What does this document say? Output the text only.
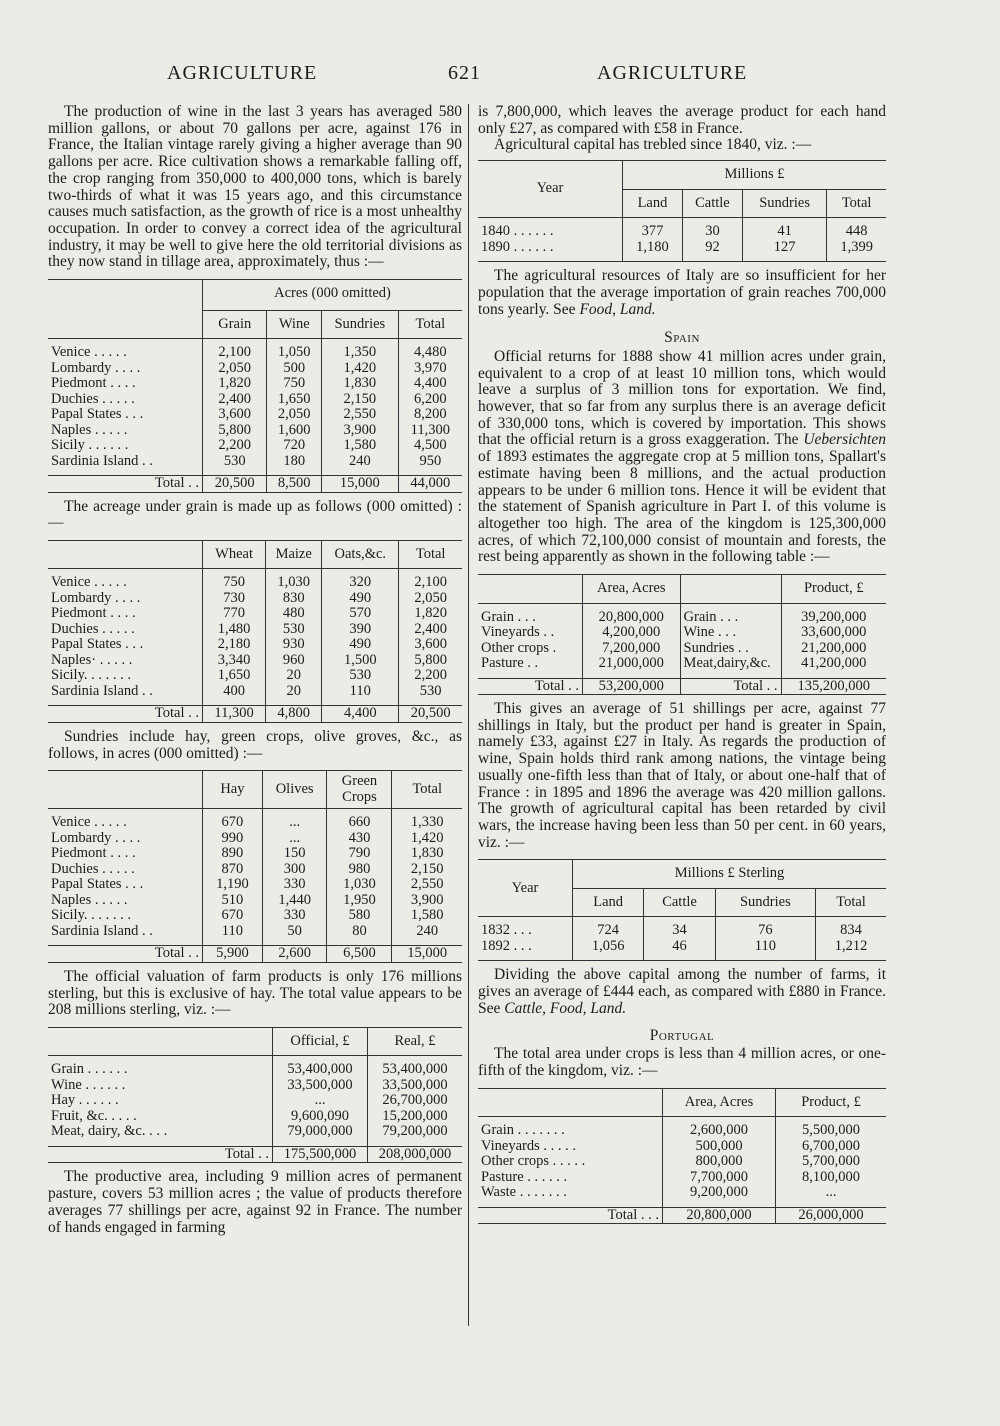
AGRICULTURE	621	AGRICULTURE

The production of wine in the last 3 years has averaged 580 million gallons, or about 70 gallons per acre, against 176 in France, the Italian vintage rarely giving a higher average than 90 gallons per acre. Rice cultivation shows a remarkable falling off, the crop ranging from 350,000 to 400,000 tons, which is barely two-thirds of what it was 15 years ago, and this circumstance causes much satisfaction, as the growth of rice is a most unhealthy occupation. In order to convey a correct idea of the agricultural industry, it may be well to give here the old territorial divisions as they now stand in tillage area, approximately, thus :—

	Acres (000 omitted)			
	Grain	Wine	Sundries	Total

Venice . . . . .	2,100	1,050	1,350	4,480
Lombardy . . . .	2,050	500	1,420	3,970
Piedmont . . . .	1,820	750	1,830	4,400
Duchies . . . . .	2,400	1,650	2,150	6,200
Papal States . . .	3,600	2,050	2,550	8,200
Naples . . . . .	5,800	1,600	3,900	11,300
Sicily . . . . . .	2,200	720	1,580	4,500
Sardinia Island . .	530	180	240	950

Total . .	20,500	8,500	15,000	44,000

The acreage under grain is made up as follows (000 omitted) :—

	Wheat	Maize	Oats,&c.	Total

Venice . . . . .	750	1,030	320	2,100
Lombardy . . . .	730	830	490	2,050
Piedmont . . . .	770	480	570	1,820
Duchies . . . . .	1,480	530	390	2,400
Papal States . . .	2,180	930	490	3,600
Naples· . . . . .	3,340	960	1,500	5,800
Sicily. . . . . . .	1,650	20	530	2,200
Sardinia Island . .	400	20	110	530

Total . .	11,300	4,800	4,400	20,500

Sundries include hay, green crops, olive groves, &c., as follows, in acres (000 omitted) :—

	Hay	Olives	Green Crops	Total

Venice . . . . .	670	...	660	1,330
Lombardy . . . .	990	...	430	1,420
Piedmont . . . .	890	150	790	1,830
Duchies . . . . .	870	300	980	2,150
Papal States . . .	1,190	330	1,030	2,550
Naples . . . . .	510	1,440	1,950	3,900
Sicily. . . . . . .	670	330	580	1,580
Sardinia Island . .	110	50	80	240

Total . .	5,900	2,600	6,500	15,000

The official valuation of farm products is only 176 millions sterling, but this is exclusive of hay. The total value appears to be 208 millions sterling, viz. :—

	Official, £	Real, £

Grain . . . . . .	53,400,000	53,400,000
Wine . . . . . .	33,500,000	33,500,000
Hay . . . . . .	...	26,700,000
Fruit, &c. . . . .	9,600,090	15,200,000
Meat, dairy, &c. . . .	79,000,000	79,200,000

Total . .	175,500,000	208,000,000

The productive area, including 9 million acres of permanent pasture, covers 53 million acres ; the value of products therefore averages 77 shillings per acre, against 92 in France. The number of hands engaged in farming

is 7,800,000, which leaves the average product for each hand only £27, as compared with £58 in France.

Agricultural capital has trebled since 1840, viz. :—

Year	Millions £			
	Land	Cattle	Sundries	Total

1840 . . . . . .	377	30	41	448
1890 . . . . . .	1,180	92	127	1,399

The agricultural resources of Italy are so insufficient for her population that the average importation of grain reaches 700,000 tons yearly. See Food, Land.

Spain

Official returns for 1888 show 41 million acres under grain, equivalent to a crop of at least 10 million tons, which would leave a surplus of 3 million tons for exportation. We find, however, that so far from any surplus there is an average deficit of 330,000 tons, which is covered by importation. This shows that the official return is a gross exaggeration. The Uebersichten of 1893 estimates the aggregate crop at 5 million tons, Spallart's estimate having been 8 millions, and the actual production appears to be under 6 million tons. Hence it will be evident that the statement of Spanish agriculture in Part I. of this volume is altogether too high. The area of the kingdom is 125,300,000 acres, of which 72,100,000 consist of mountain and forests, the rest being apparently as shown in the following table :—

	Area, Acres		Product, £

Grain . . .	20,800,000	Grain . . .	39,200,000
Vineyards . .	4,200,000	Wine . . .	33,600,000
Other crops .	7,200,000	Sundries . .	21,200,000
Pasture . .	21,000,000	Meat,dairy,&c.	41,200,000

Total . .	53,200,000	Total . .	135,200,000

This gives an average of 51 shillings per acre, against 77 shillings in Italy, but the product per hand is greater in Spain, namely £33, against £27 in Italy. As regards the production of wine, Spain holds third rank among nations, the vintage being usually one-fifth less than that of Italy, or about one-half that of France : in 1895 and 1896 the average was 420 million gallons. The growth of agricultural capital has been retarded by civil wars, the increase having been less than 50 per cent. in 60 years, viz. :—

Year	Millions £ Sterling			
	Land	Cattle	Sundries	Total

1832 . . .	724	34	76	834
1892 . . .	1,056	46	110	1,212

Dividing the above capital among the number of farms, it gives an average of £444 each, as compared with £880 in France. See Cattle, Food, Land.

Portugal

The total area under crops is less than 4 million acres, or one-fifth of the kingdom, viz. :—

	Area, Acres	Product, £

Grain . . . . . . .	2,600,000	5,500,000
Vineyards . . . . .	500,000	6,700,000
Other crops . . . . .	800,000	5,700,000
Pasture . . . . . .	7,700,000	8,100,000
Waste . . . . . . .	9,200,000	...

Total . . .	20,800,000	26,000,000
